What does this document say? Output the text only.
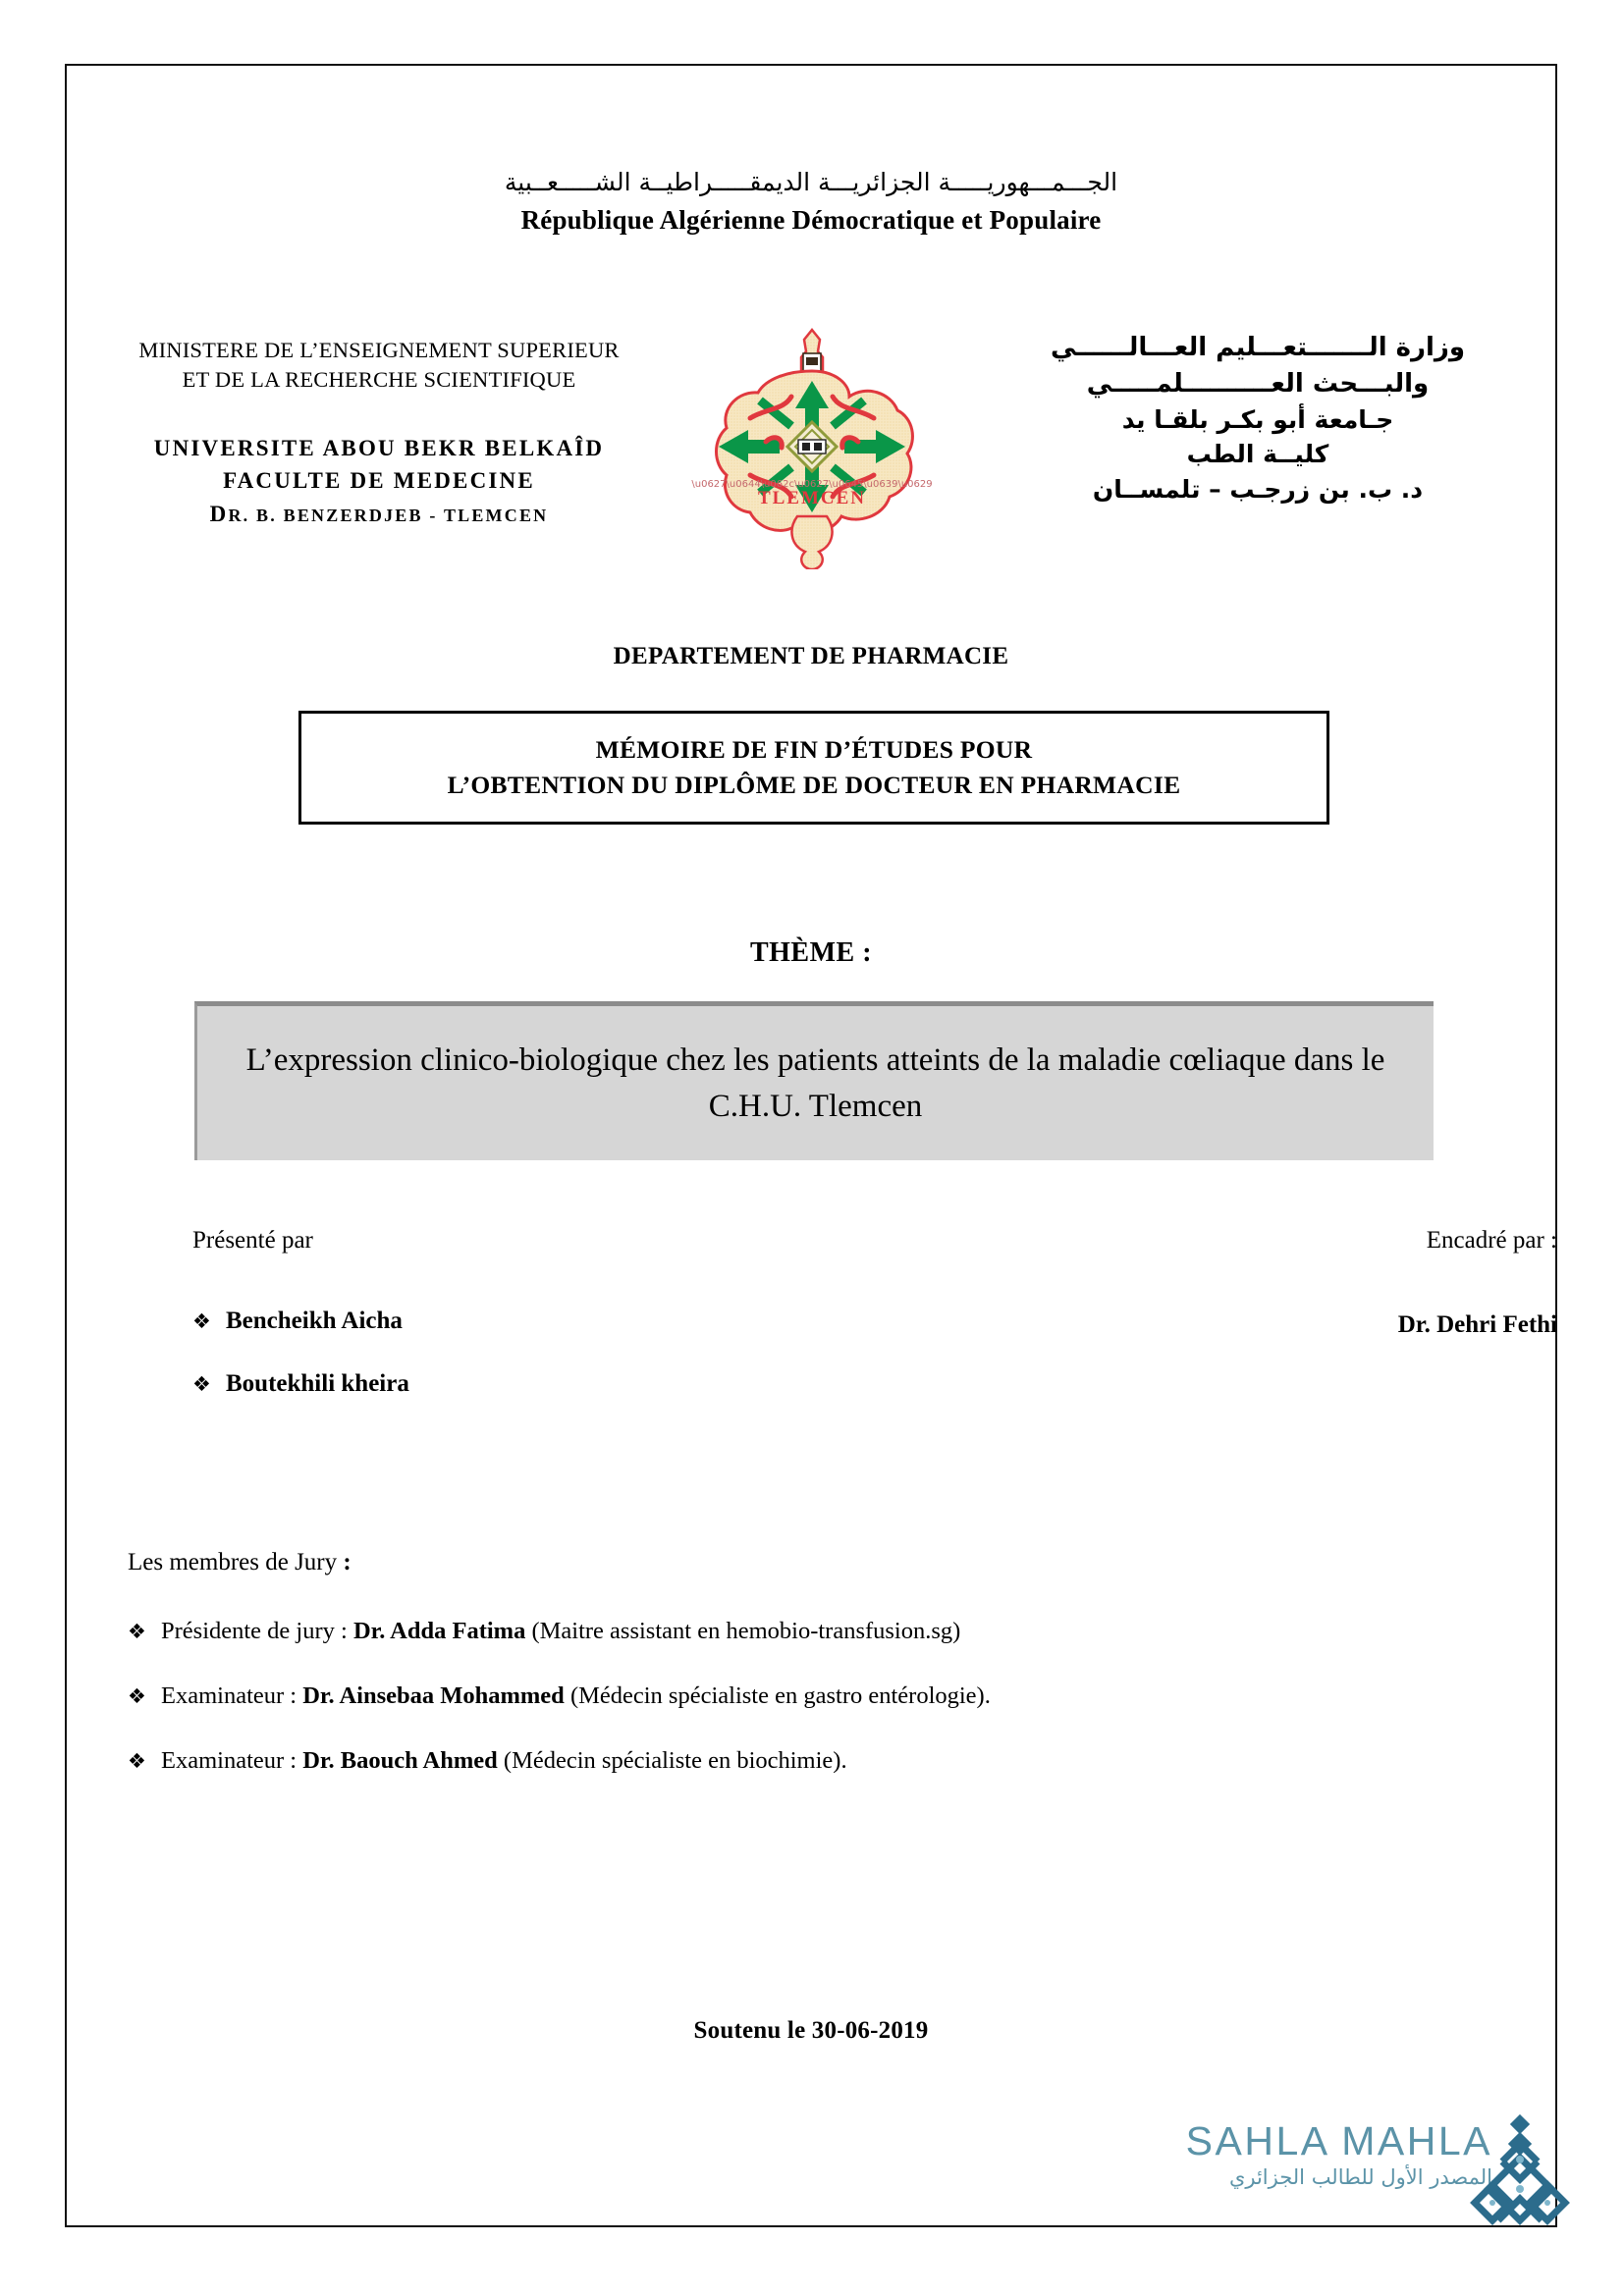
الجـــمـــهوريـــــة الجزائريـــة الديمقـــــراطيــة الشـــــعــبية
République Algérienne Démocratique et Populaire
MINISTERE DE L’ENSEIGNEMENT SUPERIEUR
ET DE LA RECHERCHE SCIENTIFIQUE
UNIVERSITE ABOU BEKR BELKAÎD
FACULTE DE MEDECINE
DR. B. BENZERDJEB - TLEMCEN
TLEMCEN
\u0627\u0644\u062c\u0627\u0645\u0639\u0629
وزارة الـــــــتعـــليم العـــالــــــي
والبـــحث العــــــــــلمـــــي
جـامعة أبو بكـر بلقـا يد
كليــة الطب
د. ب. بن زرجـب – تلمســان
DEPARTEMENT DE PHARMACIE
MÉMOIRE DE FIN D’ÉTUDES POUR
L’OBTENTION DU DIPLÔME DE DOCTEUR EN PHARMACIE
THÈME :
L’expression clinico-biologique chez les patients atteints de la maladie cœliaque dans le C.H.U. Tlemcen
Présenté par	Encadré par :
Dr. Dehri Fethi
❖ Bencheikh Aicha
❖ Boutekhili kheira
Les membres de Jury :
❖ Présidente de jury : Dr. Adda Fatima (Maitre assistant en hemobio-transfusion.sg)
❖ Examinateur : Dr. Ainsebaa Mohammed (Médecin spécialiste en gastro entérologie).
❖ Examinateur : Dr. Baouch Ahmed (Médecin spécialiste en biochimie).
Soutenu le 30-06-2019
SAHLA MAHLA
المصدر الأول للطالب الجزائري
